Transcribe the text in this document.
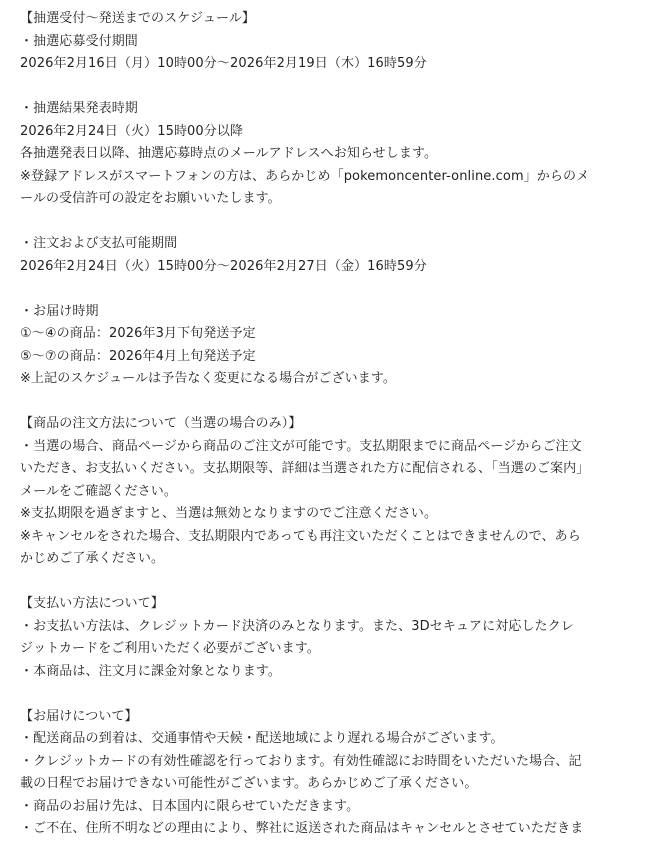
【抽選受付～発送までのスケジュール】
・抽選応募受付期間
2026年2月16日（月）10時00分～2026年2月19日（木）16時59分
・抽選結果発表時期
2026年2月24日（火）15時00分以降
各抽選発表日以降、抽選応募時点のメールアドレスへお知らせします。
※登録アドレスがスマートフォンの方は、あらかじめ「pokemoncenter-online.com」からのメ
ールの受信許可の設定をお願いいたします。
・注文および支払可能期間
2026年2月24日（火）15時00分～2026年2月27日（金）16時59分
・お届け時期
①～④の商品：2026年3月下旬発送予定
⑤～⑦の商品：2026年4月上旬発送予定
※上記のスケジュールは予告なく変更になる場合がございます。
【商品の注文方法について（当選の場合のみ）】
・当選の場合、商品ページから商品のご注文が可能です。支払期限までに商品ページからご注文
いただき、お支払いください。支払期限等、詳細は当選された方に配信される、「当選のご案内」
メールをご確認ください。
※支払期限を過ぎますと、当選は無効となりますのでご注意ください。
※キャンセルをされた場合、支払期限内であっても再注文いただくことはできませんので、あら
かじめご了承ください。
【支払い方法について】
・お支払い方法は、クレジットカード決済のみとなります。また、3Dセキュアに対応したクレ
ジットカードをご利用いただく必要がございます。
・本商品は、注文月に課金対象となります。
【お届けについて】
・配送商品の到着は、交通事情や天候・配送地域により遅れる場合がございます。
・クレジットカードの有効性確認を行っております。有効性確認にお時間をいただいた場合、記
載の日程でお届けできない可能性がございます。あらかじめご了承ください。
・商品のお届け先は、日本国内に限らせていただきます。
・ご不在、住所不明などの理由により、弊社に返送された商品はキャンセルとさせていただきま
